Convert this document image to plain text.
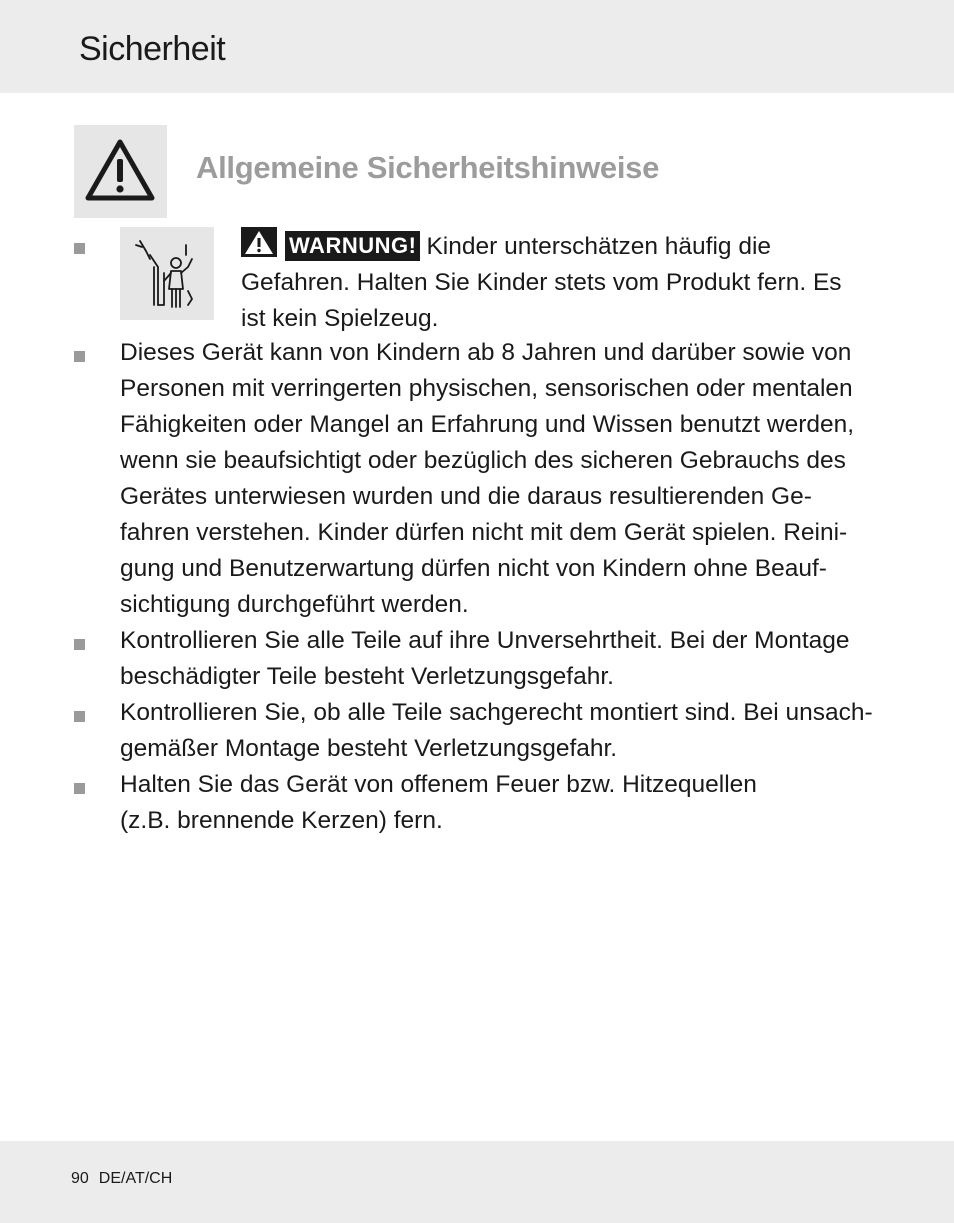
Sicherheit
Allgemeine Sicherheitshinweise

WARNUNG! Kinder unterschätzen häufig die
Gefahren. Halten Sie Kinder stets vom Produkt fern. Es
ist kein Spielzeug.

Dieses Gerät kann von Kindern ab 8 Jahren und darüber sowie von
Personen mit verringerten physischen, sensorischen oder mentalen
Fähigkeiten oder Mangel an Erfahrung und Wissen benutzt werden,
wenn sie beaufsichtigt oder bezüglich des sicheren Gebrauchs des
Gerätes unterwiesen wurden und die daraus resultierenden Ge-
fahren verstehen. Kinder dürfen nicht mit dem Gerät spielen. Reini-
gung und Benutzerwartung dürfen nicht von Kindern ohne Beauf-
sichtigung durchgeführt werden.

Kontrollieren Sie alle Teile auf ihre Unversehrtheit. Bei der Montage
beschädigter Teile besteht Verletzungsgefahr.

Kontrollieren Sie, ob alle Teile sachgerecht montiert sind. Bei unsach-
gemäßer Montage besteht Verletzungsgefahr.

Halten Sie das Gerät von offenem Feuer bzw. Hitzequellen
(z.B. brennende Kerzen) fern.

90 DE/AT/CH
